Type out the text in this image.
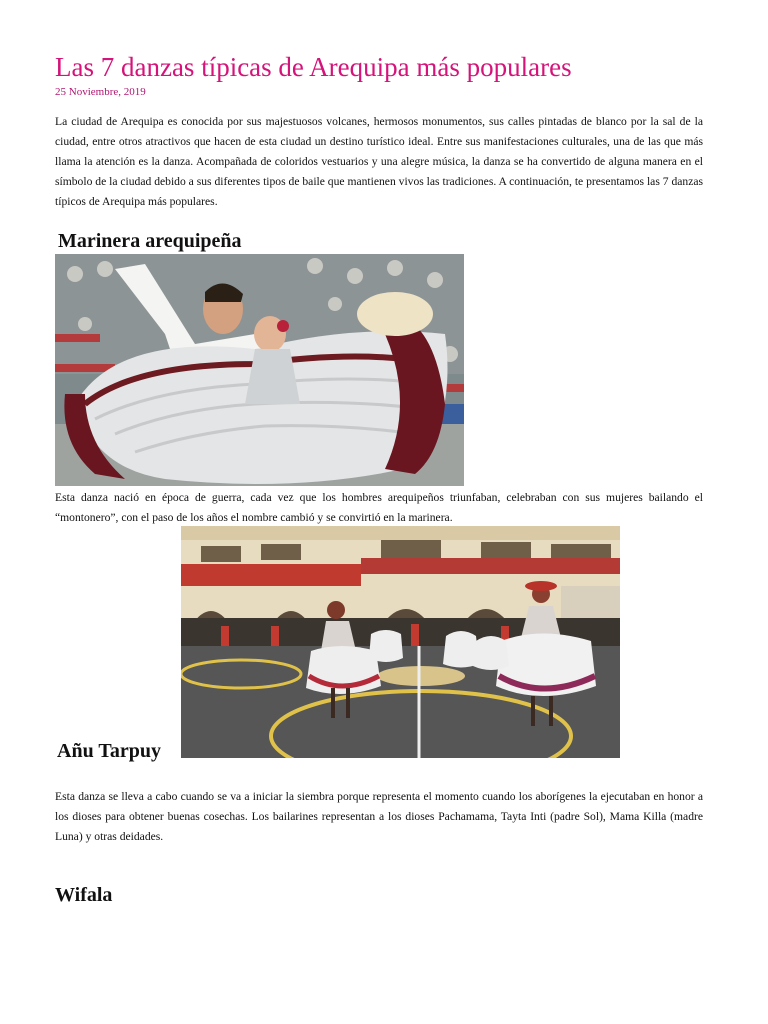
Las 7 danzas típicas de Arequipa más populares
25 Noviembre, 2019

La ciudad de Arequipa es conocida por sus majestuosos volcanes, hermosos monumentos, sus calles pintadas de blanco por la sal de la ciudad, entre otros atractivos que hacen de esta ciudad un destino turístico ideal. Entre sus manifestaciones culturales, una de las que más llama la atención es la danza. Acompañada de coloridos vestuarios y una alegre música, la danza se ha convertido de alguna manera en el símbolo de la ciudad debido a sus diferentes tipos de baile que mantienen vivos las tradiciones. A continuación, te presentamos las 7 danzas típicos de Arequipa más populares.

Marinera arequipeña

Esta danza nació en época de guerra, cada vez que los hombres arequipeños triunfaban, celebraban con sus mujeres bailando el “montonero”, con el paso de los años el nombre cambió y se convirtió en la marinera.

Añu Tarpuy

Esta danza se lleva a cabo cuando se va a iniciar la siembra porque representa el momento cuando los aborígenes la ejecutaban en honor a los dioses para obtener buenas cosechas. Los bailarines representan a los dioses Pachamama, Tayta Inti (padre Sol), Mama Killa (madre Luna) y otras deidades.

Wifala
